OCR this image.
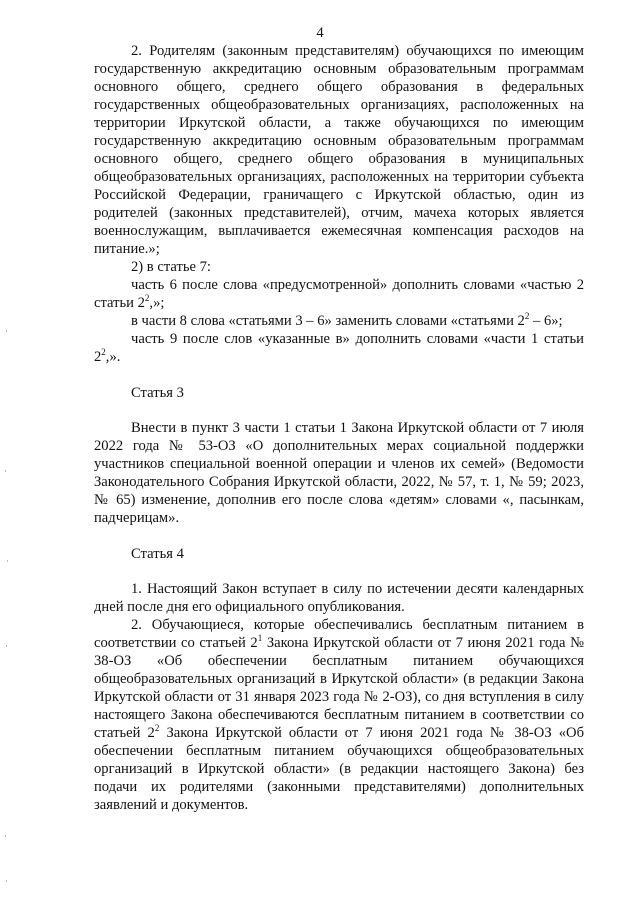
4

2. Родителям (законным представителям) обучающихся по имеющим государственную аккредитацию основным образовательным программам основного общего, среднего общего образования в федеральных государственных общеобразовательных организациях, расположенных на территории Иркутской области, а также обучающихся по имеющим государственную аккредитацию основным образовательным программам основного общего, среднего общего образования в муниципальных общеобразовательных организациях, расположенных на территории субъекта Российской Федерации, граничащего с Иркутской областью, один из родителей (законных представителей), отчим, мачеха которых является военнослужащим, выплачивается ежемесячная компенсация расходов на питание.»;

2) в статье 7:

часть 6 после слова «предусмотренной» дополнить словами «частью 2 статьи $2^2$,»;

в части 8 слова «статьями 3 – 6» заменить словами «статьями $2^2 - 6$»;

часть 9 после слов «указанные в» дополнить словами «части 1 статьи $2^2$,».

Статья 3

Внести в пункт 3 части 1 статьи 1 Закона Иркутской области от 7 июля 2022 года № 53-ОЗ «О дополнительных мерах социальной поддержки участников специальной военной операции и членов их семей» (Ведомости Законодательного Собрания Иркутской области, 2022, № 57, т. 1, № 59; 2023, № 65) изменение, дополнив его после слова «детям» словами «, пасынкам, падчерицам».

Статья 4

1. Настоящий Закон вступает в силу по истечении десяти календарных дней после дня его официального опубликования.

2. Обучающиеся, которые обеспечивались бесплатным питанием в соответствии со статьей $2^1$ Закона Иркутской области от 7 июня 2021 года № 38-ОЗ «Об обеспечении бесплатным питанием обучающихся общеобразовательных организаций в Иркутской области» (в редакции Закона Иркутской области от 31 января 2023 года № 2-ОЗ), со дня вступления в силу настоящего Закона обеспечиваются бесплатным питанием в соответствии со статьей $2^2$ Закона Иркутской области от 7 июня 2021 года № 38-ОЗ «Об обеспечении бесплатным питанием обучающихся общеобразовательных организаций в Иркутской области» (в редакции настоящего Закона) без подачи их родителями (законными представителями) дополнительных заявлений и документов.
